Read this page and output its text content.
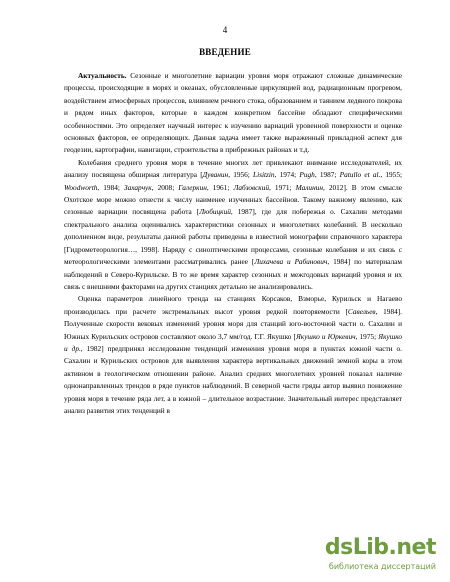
4
ВВЕДЕНИЕ

Актуальность. Сезонные и многолетние вариации уровня моря отражают сложные динамические процессы, происходящие в морях и океанах, обусловленные циркуляцией вод, радиационным прогревом, воздействием атмосферных процессов, влиянием речного стока, образованием и таянием ледяного покрова и рядом иных факторов, которые в каждом конкретном бассейне обладают специфическими особенностями. Это определяет научный интерес к изучению вариаций уровенной поверхности и оценке основных факторов, ее определяющих. Данная задача имеет также выраженный прикладной аспект для геодезии, картографии, навигации, строительства в прибрежных районах и т.д.

Колебания среднего уровня моря в течение многих лет привлекают внимание исследователей, их анализу посвящена обширная литература [Дуванин, 1956; Lisitzin, 1974; Pugh, 1987; Patullo et al., 1955; Woodworth, 1984; Захарчук, 2008; Галеркин, 1961; Лабзовский, 1971; Малинин, 2012]. В этом смысле Охотское море можно отнести к числу наименее изученных бассейнов. Такому важному явлению, как сезонные вариации посвящена работа [Любицкий, 1987], где для побережья о. Сахалин методами спектрального анализа оценивались характеристики сезонных и многолетних колебаний. В несколько дополненном виде, результаты данной работы приведены в известной монографии справочного характера [Гидрометеорология…, 1998]. Наряду с синоптическими процессами, сезонные колебания и их связь с метеорологическими элементами рассматривались ранее [Лихачева и Рабинович, 1984] по материалам наблюдений в Северо-Курильске. В то же время характер сезонных и межгодовых вариаций уровня и их связь с внешними факторами на других станциях детально не анализировались.

Оценка параметров линейного тренда на станциях Корсаков, Взморье, Курильск и Нагаево производилась при расчете экстремальных высот уровня редкой повторяемости [Савельев, 1984]. Полученные скорости вековых изменений уровня моря для станций юго-восточной части о. Сахалин и Южных Курильских островов составляют около 3,7 мм/год. Г.Г. Якушко [Якушко и Юркевич, 1975; Якушко и др., 1982] предпринял исследование тенденций изменения уровня моря в пунктах южной части о. Сахалин и Курильских островов для выявления характера вертикальных движений земной коры в этом активном в геологическом отношении районе. Анализ средних многолетних уровней показал наличие однонаправленных трендов в ряде пунктов наблюдений. В северной части гряды автор выявил понижение уровня моря в течение ряда лет, а в южной – длительное возрастание. Значительный интерес представляет анализ развития этих тенденций в

dsLib.net
библиотека диссертаций
